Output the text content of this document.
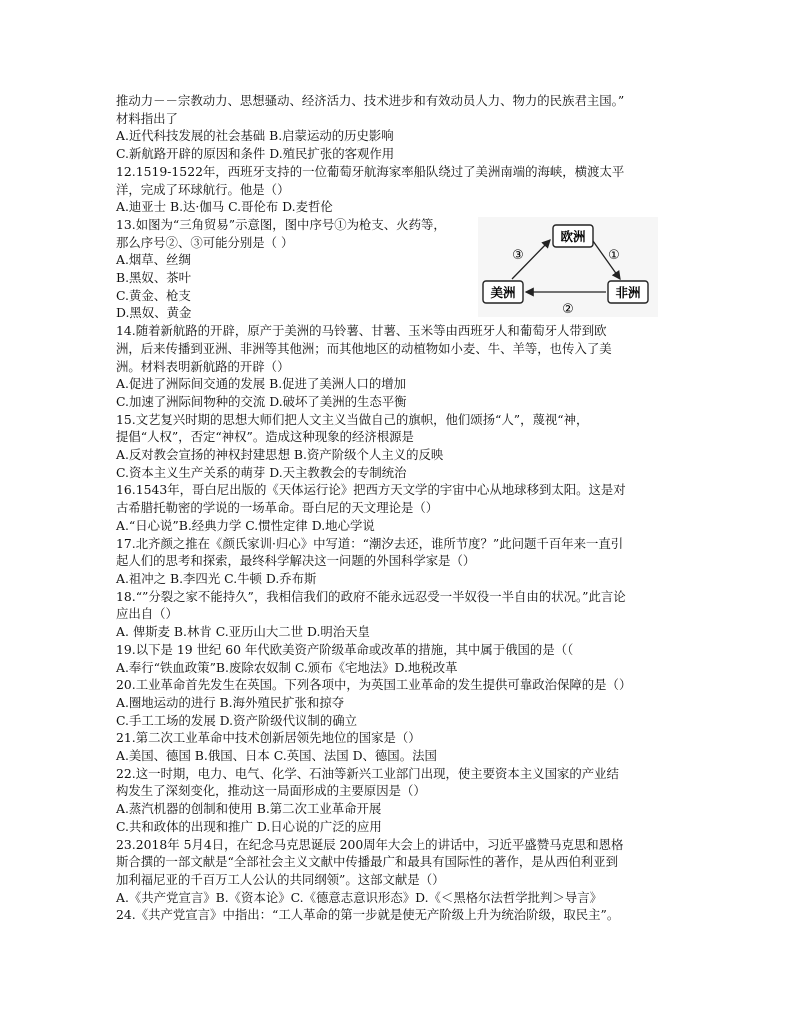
推动力－－宗教动力、思想骚动、经济活力、技术进步和有效动员人力、物力的民族君主国。”
材料指出了
A.近代科技发展的社会基础 B.启蒙运动的历史影响
C.新航路开辟的原因和条件 D.殖民扩张的客观作用
12.1519-1522年，西班牙支持的一位葡萄牙航海家率船队绕过了美洲南端的海峡，横渡太平
洋，完成了环球航行。他是（）
A.迪亚士 B.达·伽马 C.哥伦布 D.麦哲伦
13.如图为“三角贸易”示意图，图中序号①为枪支、火药等，
那么序号②、③可能分别是（ ）
A.烟草、丝绸
B.黑奴、茶叶
C.黄金、枪支
D.黑奴、黄金
欧洲
美洲	非洲
①
②
③
14.随着新航路的开辟，原产于美洲的马铃薯、甘薯、玉米等由西班牙人和葡萄牙人带到欧
洲，后来传播到亚洲、非洲等其他洲；而其他地区的动植物如小麦、牛、羊等，也传入了美
洲。材料表明新航路的开辟（）
A.促进了洲际间交通的发展 B.促进了美洲人口的增加
C.加速了洲际间物种的交流 D.破坏了美洲的生态平衡
15.文艺复兴时期的思想大师们把人文主义当做自己的旗帜，他们颂扬“人”，蔑视“神，
提倡“人权”，否定“神权”。造成这种现象的经济根源是
A.反对教会宣扬的神权封建思想 B.资产阶级个人主义的反映
C.资本主义生产关系的萌芽 D.天主教教会的专制统治
16.1543年，哥白尼出版的《天体运行论》把西方天文学的宇宙中心从地球移到太阳。这是对
古希腊托勒密的学说的一场革命。哥白尼的天文理论是（）
A.“日心说”B.经典力学 C.惯性定律 D.地心学说
17.北齐颜之推在《颜氏家训·归心》中写道：“潮汐去还，谁所节度？”此问题千百年来一直引
起人们的思考和探索，最终科学解决这一问题的外国科学家是（）
A.祖冲之 B.李四光 C.牛顿 D.乔布斯
18.“”分裂之家不能持久”，我相信我们的政府不能永远忍受一半奴役一半自由的状况。”此言论
应出自（）
A. 俾斯麦 B.林肯 C.亚历山大二世 D.明治天皇
19.以下是 19 世纪 60 年代欧美资产阶级革命或改革的措施，其中属于俄国的是（（
A.奉行“铁血政策”B.废除农奴制 C.颁布《宅地法》D.地税改革
20.工业革命首先发生在英国。下列各项中，为英国工业革命的发生提供可靠政治保障的是（）
A.圈地运动的进行 B.海外殖民扩张和掠夺
C.手工工场的发展 D.资产阶级代议制的确立
21.第二次工业革命中技术创新居领先地位的国家是（）
A.美国、德国 B.俄国、日本 C.英国、法国 D、德国。法国
22.这一时期，电力、电气、化学、石油等新兴工业部门出现，使主要资本主义国家的产业结
构发生了深刻变化，推动这一局面形成的主要原因是（）
A.蒸汽机器的创制和使用 B.第二次工业革命开展
C.共和政体的出现和推广 D.日心说的广泛的应用
23.2018年 5月4日，在纪念马克思诞辰 200周年大会上的讲话中，习近平盛赞马克思和恩格
斯合撰的一部文献是“全部社会主义文献中传播最广和最具有国际性的著作，是从西伯利亚到
加利福尼亚的千百万工人公认的共同纲领”。这部文献是（）
A.《共产党宣言》B.《资本论》C.《德意志意识形态》D.《＜黑格尔法哲学批判＞导言》
24.《共产党宣言》中指出：“工人革命的第一步就是使无产阶级上升为统治阶级，取民主”。
